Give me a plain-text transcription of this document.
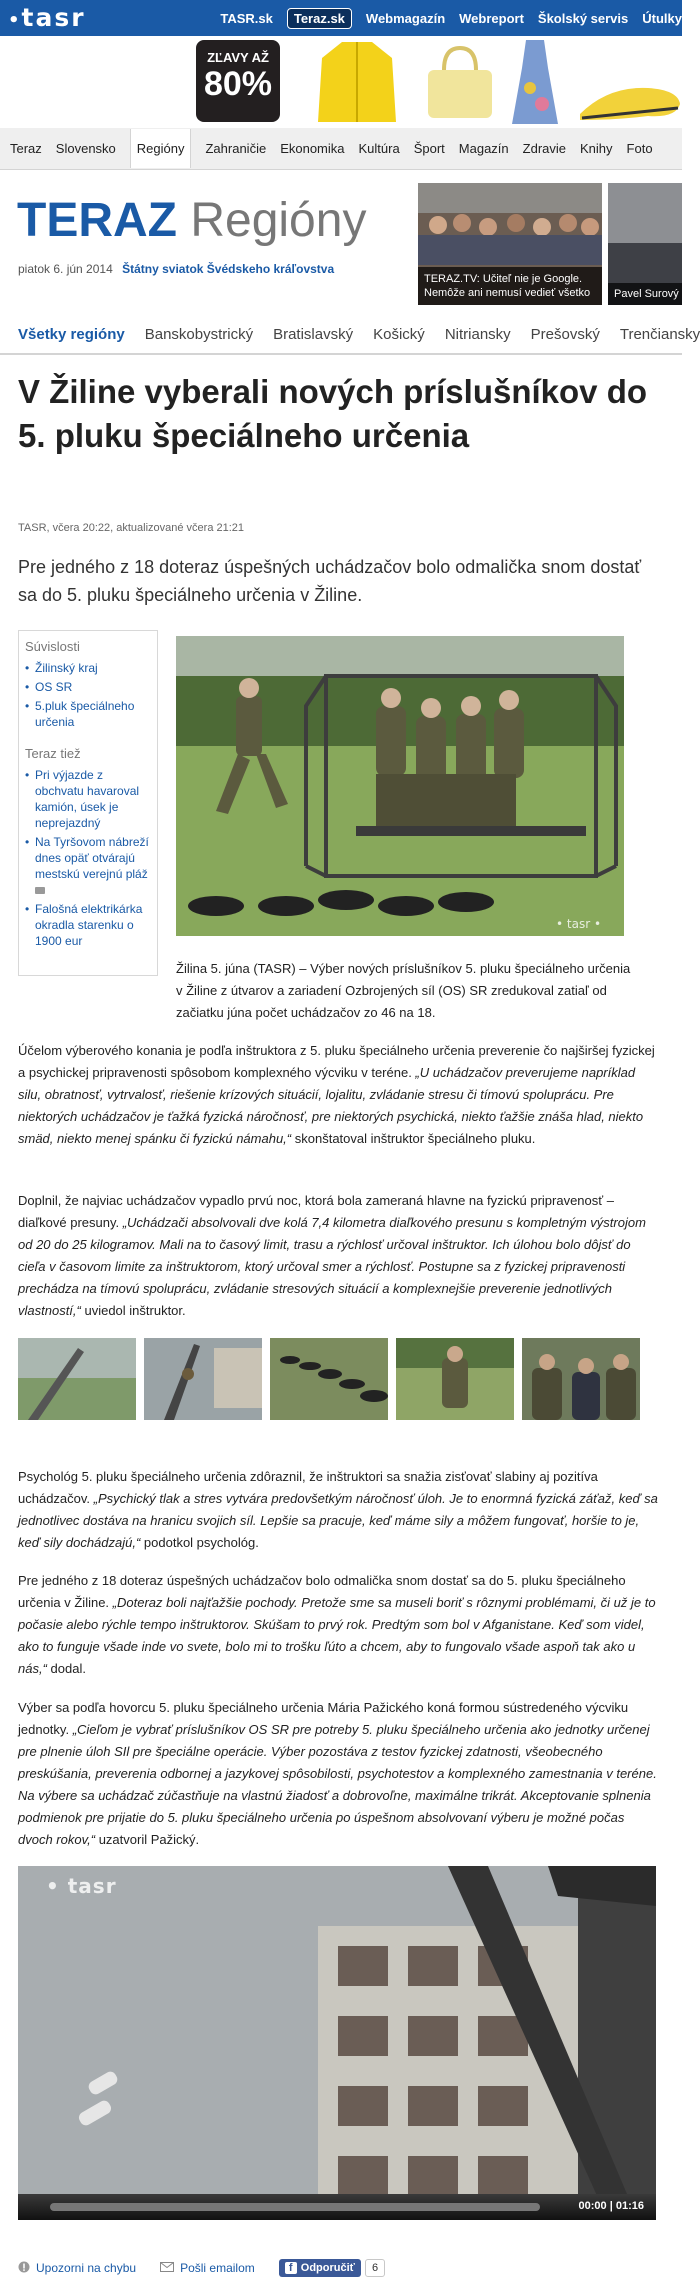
•tasr	TASR.sk	Teraz.sk	Webmagazín Webreport Školský servis Útulky
ZĽAVY AŽ
80%
Teraz Slovensko	Regióny	Zahraničie Ekonomika Kultúra Šport Magazín Zdravie Knihy Foto
TERAZ Regióny
piatok 6. jún 2014 Štátny sviatok Švédskeho kráľovstva
TERAZ.TV: Učiteľ nie je Google. Nemôže ani nemusí vedieť všetko	Pavel Surový
Všetky regióny Banskobystrický Bratislavský Košický Nitriansky Prešovský Trenčiansky
V Žiline vyberali nových príslušníkov do 5. pluku špeciálneho určenia
TASR, včera 20:22, aktualizované včera 21:21

Pre jedného z 18 doteraz úspešných uchádzačov bolo odmalička snom dostať sa do 5. pluku špeciálneho určenia v Žiline.

Súvislosti
• Žilinský kraj
• OS SR
• 5.pluk špeciálneho určenia
Teraz tiež
• Pri výjazde z obchvatu havaroval kamión, úsek je neprejazdný
• Na Tyršovom nábreží dnes opäť otvárajú mestskú verejnú pláž
• Falošná elektrikárka okradla starenku o 1900 eur
• tasr •

Žilina 5. júna (TASR) – Výber nových príslušníkov 5. pluku špeciálneho určenia v Žiline z útvarov a zariadení Ozbrojených síl (OS) SR zredukoval zatiaľ od začiatku júna počet uchádzačov zo 46 na 18.

Účelom výberového konania je podľa inštruktora z 5. pluku špeciálneho určenia preverenie čo najširšej fyzickej a psychickej pripravenosti spôsobom komplexného výcviku v teréne. „U uchádzačov preverujeme napríklad silu, obratnosť, vytrvalosť, riešenie krízových situácií, lojalitu, zvládanie stresu či tímovú spoluprácu. Pre niektorých uchádzačov je ťažká fyzická náročnosť, pre niektorých psychická, niekto ťažšie znáša hlad, niekto smäd, niekto menej spánku či fyzickú námahu,“ skonštatoval inštruktor špeciálneho pluku.

Doplnil, že najviac uchádzačov vypadlo prvú noc, ktorá bola zameraná hlavne na fyzickú pripravenosť – diaľkové presuny. „Uchádzači absolvovali dve kolá 7,4 kilometra diaľkového presunu s kompletným výstrojom od 20 do 25 kilogramov. Mali na to časový limit, trasu a rýchlosť určoval inštruktor. Ich úlohou bolo dôjsť do cieľa v časovom limite za inštruktorom, ktorý určoval smer a rýchlosť. Postupne sa z fyzickej pripravenosti prechádza na tímovú spoluprácu, zvládanie stresových situácií a komplexnejšie preverenie jednotlivých vlastností,“ uviedol inštruktor.

Psychológ 5. pluku špeciálneho určenia zdôraznil, že inštruktori sa snažia zisťovať slabiny aj pozitíva uchádzačov. „Psychický tlak a stres vytvára predovšetkým náročnosť úloh. Je to enormná fyzická záťaž, keď sa jednotlivec dostáva na hranicu svojich síl. Lepšie sa pracuje, keď máme sily a môžem fungovať, horšie to je, keď sily dochádzajú,“ podotkol psychológ.

Pre jedného z 18 doteraz úspešných uchádzačov bolo odmalička snom dostať sa do 5. pluku špeciálneho určenia v Žiline. „Doteraz boli najťažšie pochody. Pretože sme sa museli boriť s rôznymi problémami, či už je to počasie alebo rýchle tempo inštruktorov. Skúšam to prvý rok. Predtým som bol v Afganistane. Keď som videl, ako to funguje všade inde vo svete, bolo mi to trošku ľúto a chcem, aby to fungovalo všade aspoň tak ako u nás,“ dodal.

Výber sa podľa hovorcu 5. pluku špeciálneho určenia Mária Pažického koná formou sústredeného výcviku jednotky. „Cieľom je vybrať príslušníkov OS SR pre potreby 5. pluku špeciálneho určenia ako jednotky určenej pre plnenie úloh SIl pre špeciálne operácie. Výber pozostáva z testov fyzickej zdatnosti, všeobecného preskúšania, preverenia odbornej a jazykovej spôsobilosti, psychotestov a komplexného zamestnania v teréne. Na výbere sa uchádzač zúčastňuje na vlastnú žiadosť a dobrovoľne, maximálne trikrát. Akceptovanie splnenia podmienok pre prijatie do 5. pluku špeciálneho určenia po úspešnom absolvovaní výberu je možné počas dvoch rokov,“ uzatvoril Pažický.

• tasr
00:00 | 01:16
Upozorni na chybu	Pošli emailom	f Odporučiť	6
